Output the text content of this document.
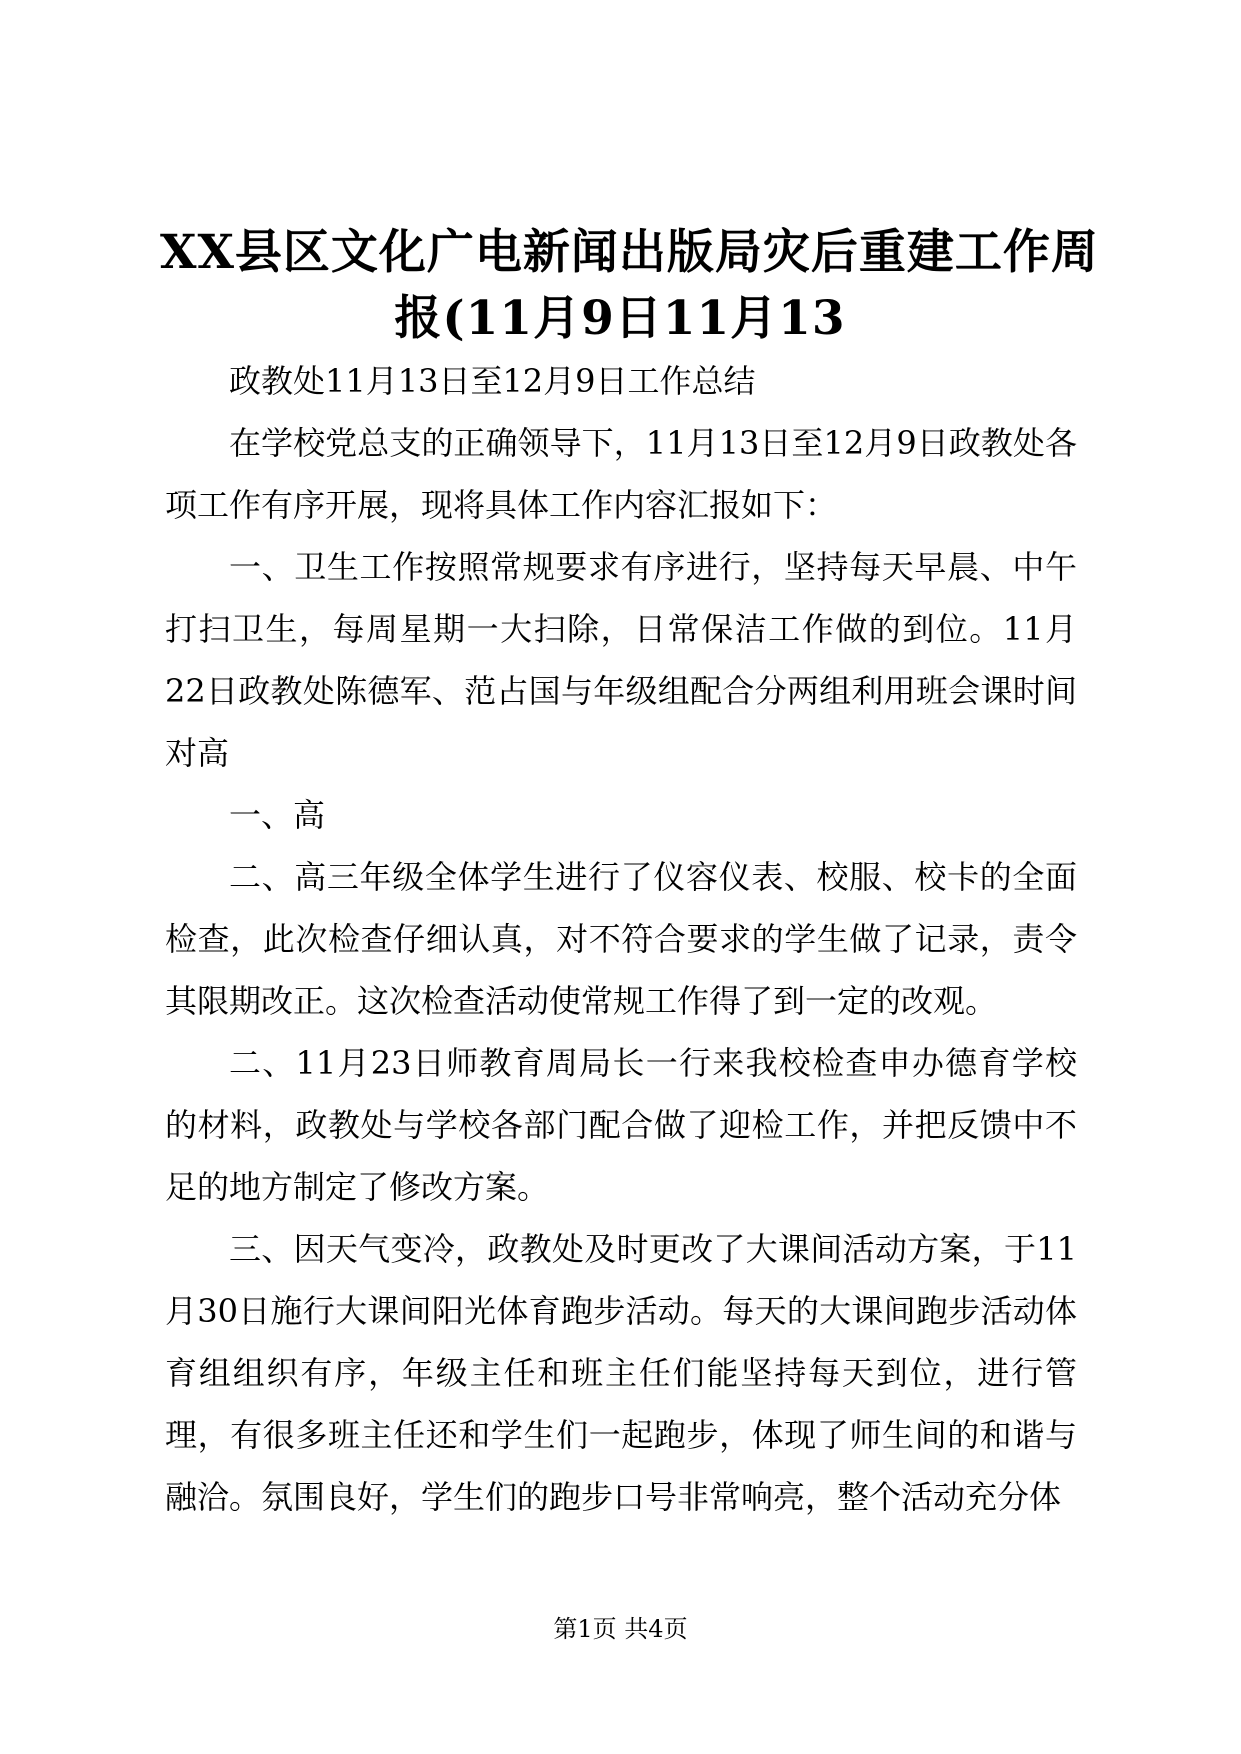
XX县区文化广电新闻出版局灾后重建工作周
报(11月9日11月13

政教处11月13日至12月9日工作总结

在学校党总支的正确领导下，11月13日至12月9日政教处各项工作有序开展，现将具体工作内容汇报如下：

一、卫生工作按照常规要求有序进行，坚持每天早晨、中午打扫卫生，每周星期一大扫除，日常保洁工作做的到位。11月22日政教处陈德军、范占国与年级组配合分两组利用班会课时间对高

一、高

二、高三年级全体学生进行了仪容仪表、校服、校卡的全面检查，此次检查仔细认真，对不符合要求的学生做了记录，责令其限期改正。这次检查活动使常规工作得了到一定的改观。

二、11月23日师教育周局长一行来我校检查申办德育学校的材料，政教处与学校各部门配合做了迎检工作，并把反馈中不足的地方制定了修改方案。

三、因天气变冷，政教处及时更改了大课间活动方案，于11月30日施行大课间阳光体育跑步活动。每天的大课间跑步活动体育组组织有序，年级主任和班主任们能坚持每天到位，进行管理，有很多班主任还和学生们一起跑步，体现了师生间的和谐与融洽。氛围良好，学生们的跑步口号非常响亮，整个活动充分体

第1页 共4页
